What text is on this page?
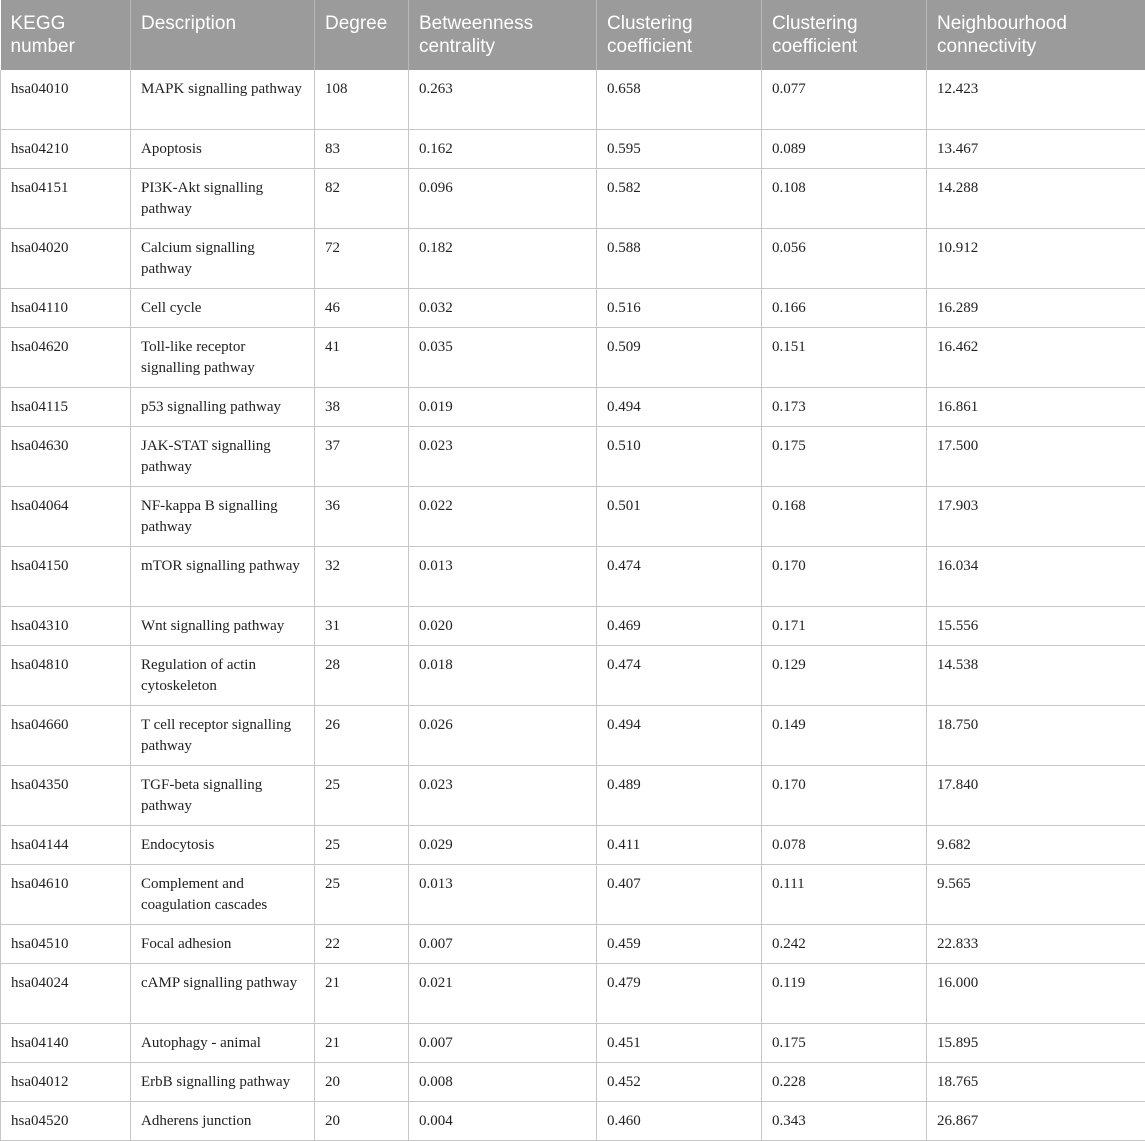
KEGG number	Description	Degree	Betweenness centrality	Clustering coefficient	Clustering coefficient	Neighbourhood connectivity
hsa04010	MAPK signalling pathway	108	0.263	0.658	0.077	12.423
hsa04210	Apoptosis	83	0.162	0.595	0.089	13.467
hsa04151	PI3K-Akt signalling pathway	82	0.096	0.582	0.108	14.288
hsa04020	Calcium signalling pathway	72	0.182	0.588	0.056	10.912
hsa04110	Cell cycle	46	0.032	0.516	0.166	16.289
hsa04620	Toll-like receptor signalling pathway	41	0.035	0.509	0.151	16.462
hsa04115	p53 signalling pathway	38	0.019	0.494	0.173	16.861
hsa04630	JAK-STAT signalling pathway	37	0.023	0.510	0.175	17.500
hsa04064	NF-kappa B signalling pathway	36	0.022	0.501	0.168	17.903
hsa04150	mTOR signalling pathway	32	0.013	0.474	0.170	16.034
hsa04310	Wnt signalling pathway	31	0.020	0.469	0.171	15.556
hsa04810	Regulation of actin cytoskeleton	28	0.018	0.474	0.129	14.538
hsa04660	T cell receptor signalling pathway	26	0.026	0.494	0.149	18.750
hsa04350	TGF-beta signalling pathway	25	0.023	0.489	0.170	17.840
hsa04144	Endocytosis	25	0.029	0.411	0.078	9.682
hsa04610	Complement and coagulation cascades	25	0.013	0.407	0.111	9.565
hsa04510	Focal adhesion	22	0.007	0.459	0.242	22.833
hsa04024	cAMP signalling pathway	21	0.021	0.479	0.119	16.000
hsa04140	Autophagy - animal	21	0.007	0.451	0.175	15.895
hsa04012	ErbB signalling pathway	20	0.008	0.452	0.228	18.765
hsa04520	Adherens junction	20	0.004	0.460	0.343	26.867
